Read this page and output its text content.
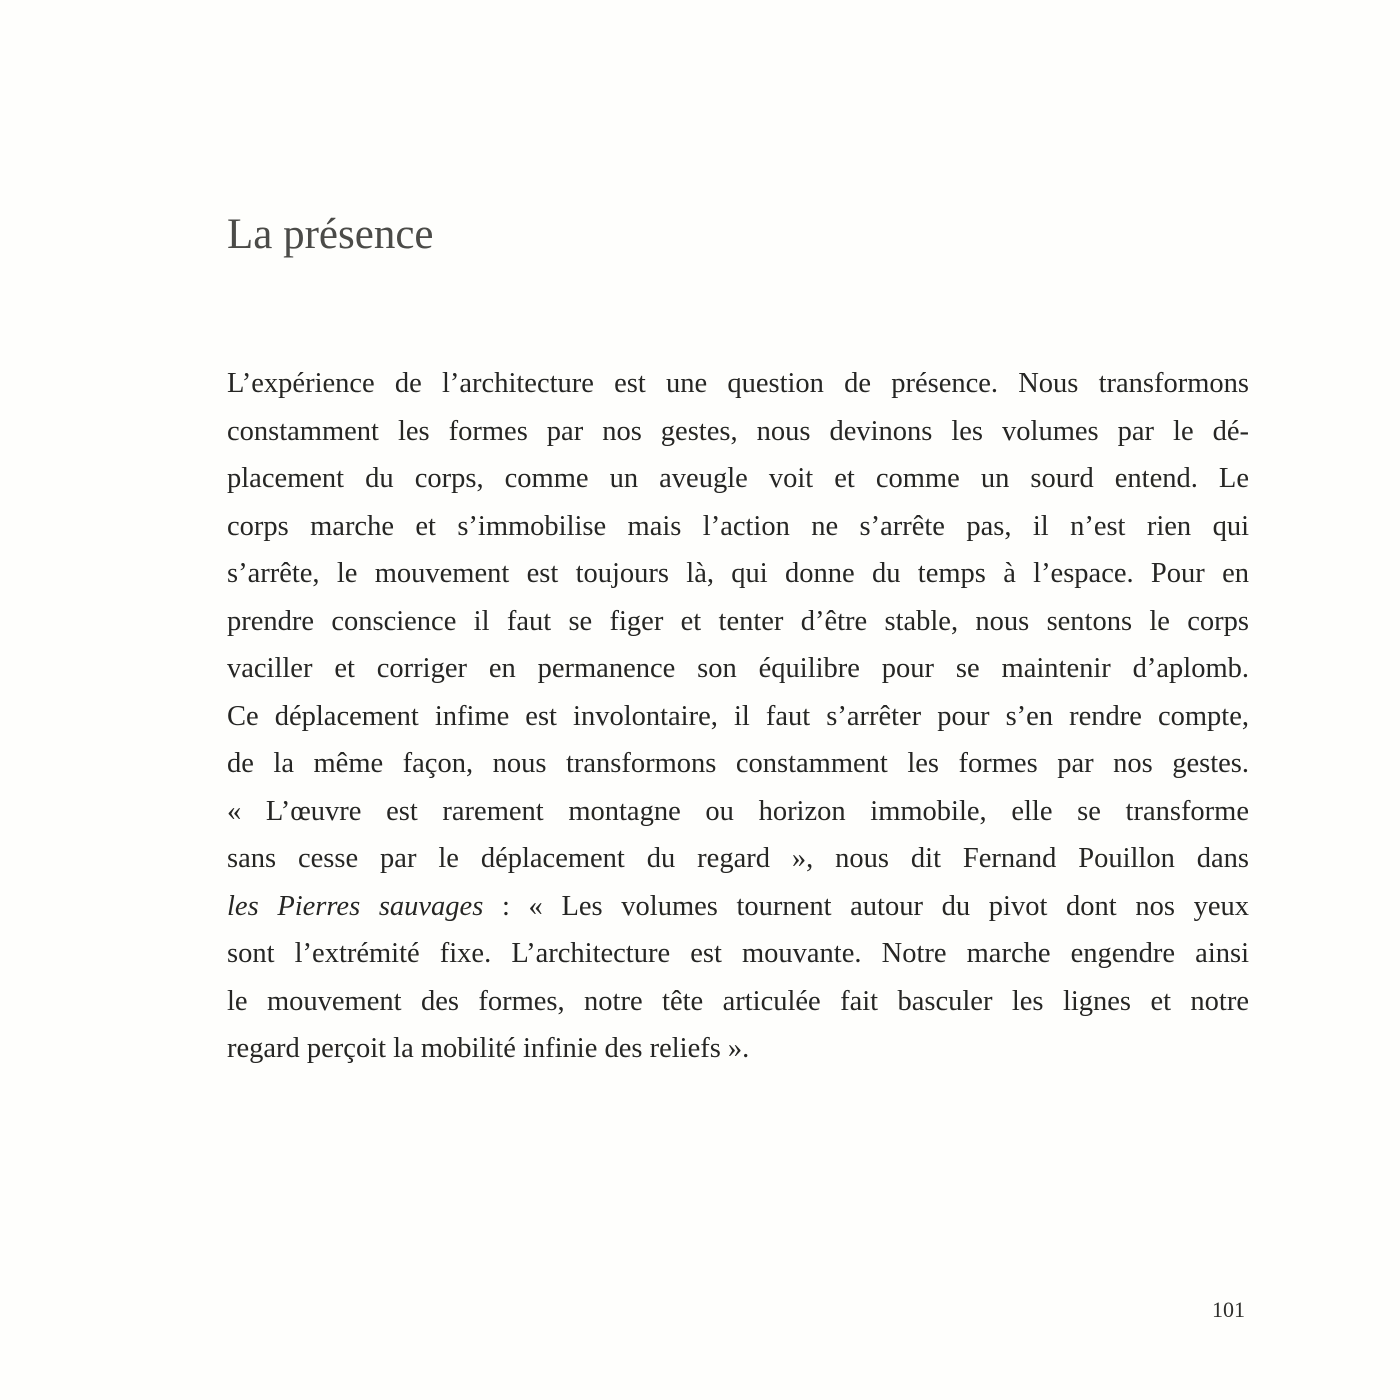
La présence
L’expérience de l’architecture est une question de présence. Nous transformons
constamment les formes par nos gestes, nous devinons les volumes par le dé-
placement du corps, comme un aveugle voit et comme un sourd entend. Le
corps marche et s’immobilise mais l’action ne s’arrête pas, il n’est rien qui
s’arrête, le mouvement est toujours là, qui donne du temps à l’espace. Pour en
prendre conscience il faut se figer et tenter d’être stable, nous sentons le corps
vaciller et corriger en permanence son équilibre pour se maintenir d’aplomb.
Ce déplacement infime est involontaire, il faut s’arrêter pour s’en rendre compte,
de la même façon, nous transformons constamment les formes par nos gestes.
« L’œuvre est rarement montagne ou horizon immobile, elle se transforme
sans cesse par le déplacement du regard », nous dit Fernand Pouillon dans
les Pierres sauvages : « Les volumes tournent autour du pivot dont nos yeux
sont l’extrémité fixe. L’architecture est mouvante. Notre marche engendre ainsi
le mouvement des formes, notre tête articulée fait basculer les lignes et notre
regard perçoit la mobilité infinie des reliefs ».
101
